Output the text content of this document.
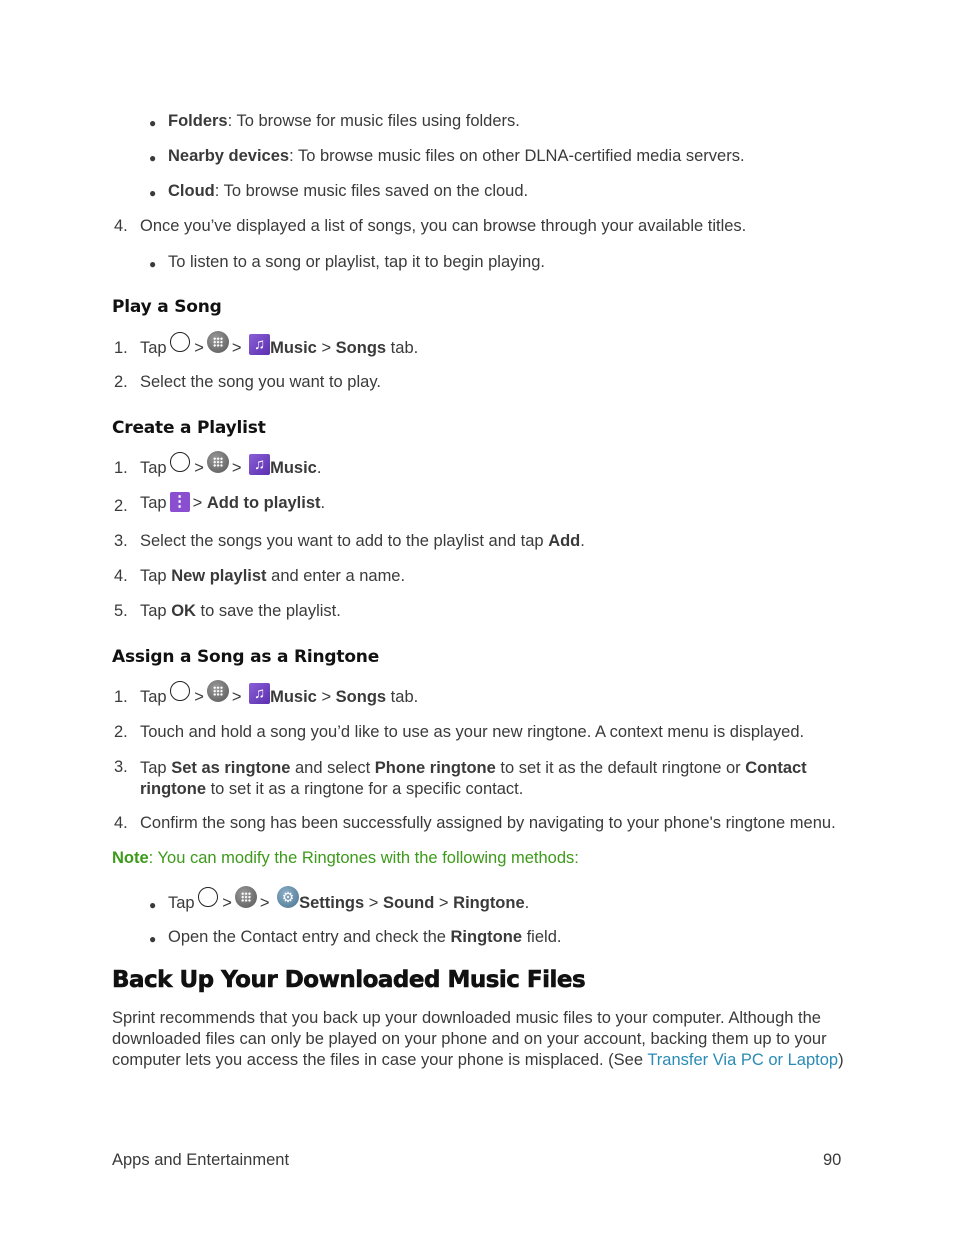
● Folders: To browse for music files using folders.
● Nearby devices: To browse music files on other DLNA-certified media servers.
● Cloud: To browse music files saved on the cloud.
4. Once you’ve displayed a list of songs, you can browse through your available titles.
● To listen to a song or playlist, tap it to begin playing.
Play a Song
1. Tap > > ♫ Music > Songs tab.
2. Select the song you want to play.
Create a Playlist
1. Tap > > ♫ Music.
2. Tap ⋮ > Add to playlist.
3. Select the songs you want to add to the playlist and tap Add.
4. Tap New playlist and enter a name.
5. Tap OK to save the playlist.
Assign a Song as a Ringtone
1. Tap > > ♫ Music > Songs tab.
2. Touch and hold a song you’d like to use as your new ringtone. A context menu is displayed.
3. Tap Set as ringtone and select Phone ringtone to set it as the default ringtone or Contact ringtone to set it as a ringtone for a specific contact.
4. Confirm the song has been successfully assigned by navigating to your phone's ringtone menu.
Note: You can modify the Ringtones with the following methods:
● Tap > > ⚙ Settings > Sound > Ringtone.
● Open the Contact entry and check the Ringtone field.
Back Up Your Downloaded Music Files
Sprint recommends that you back up your downloaded music files to your computer. Although the downloaded files can only be played on your phone and on your account, backing them up to your computer lets you access the files in case your phone is misplaced. (See Transfer Via PC or Laptop)
Apps and Entertainment	90
